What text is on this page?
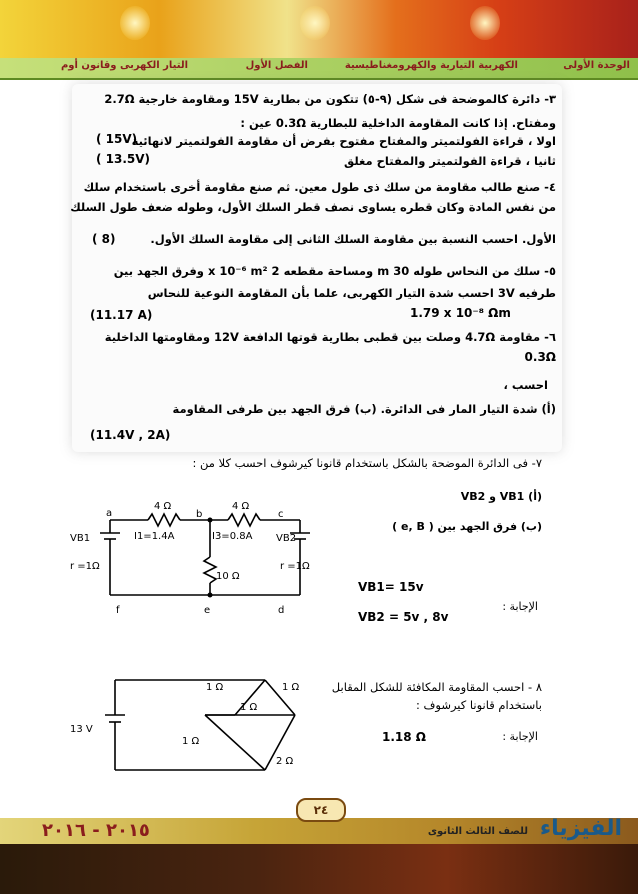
الوحدة الأولى
الكهربية التيارية والكهرومغناطيسية
الفصل الأول
التيار الكهربى وقانون أوم
٣- دائرة كالموضحة فى شكل (٩-٥) تتكون من بطارية 15V ومقاومة خارجية 2.7Ω
ومفتاح. إذا كانت المقاومة الداخلية للبطارية 0.3Ω عين :
اولا ، قراءة الفولتميتر والمفتاح مفتوح بفرض أن مقاومة الفولتميتر لانهائية
( 15V)
ثانيا ، قراءة الفولتميتر والمفتاح مغلق
( 13.5V)
٤- صنع طالب مقاومة من سلك ذى طول معين. ثم صنع مقاومة أخرى باستخدام سلك
من نفس المادة وكان قطره يساوى نصف قطر السلك الأول، وطوله ضعف طول السلك
الأول. احسب النسبة بين مقاومة السلك الثانى إلى مقاومة السلك الأول.
( 8)
٥- سلك من النحاس طوله 30 m ومساحة مقطعه 2 x 10⁻⁶ m² وفرق الجهد بين
طرفيه 3V احسب شدة التيار الكهربى، علما بأن المقاومة النوعية للنحاس
1.79 x 10⁻⁸ Ωm
(11.17 A)
٦- مقاومة 4.7Ω وصلت بين قطبى بطارية قوتها الدافعة 12V ومقاومتها الداخلية
0.3Ω
احسب ،
(أ) شدة التيار المار فى الدائرة. (ب) فرق الجهد بين طرفى المقاومة
(11.4V , 2A)
٧- فى الدائرة الموضحة بالشكل باستخدام قانونا كيرشوف احسب كلا من :
(أ) VB1 و VB2
(ب) فرق الجهد بين ( e, B )
VB1= 15v
الإجابة :
VB2 = 5v , 8v
a	b	c
d
e
f
4 Ω	4 Ω
10 Ω
I1=1.4A	I3=0.8A
VB1	VB2
r =1Ω	r =1Ω
٨ - احسب المقاومة المكافئة للشكل المقابل
باستخدام قانونا كيرشوف :
الإجابة :
1.18 Ω
13 V
1 Ω	1 Ω
1 Ω
1 Ω
2 Ω
٢٤
الفيزياء
للصف الثالث الثانوى
٢٠١٥ - ٢٠١٦
